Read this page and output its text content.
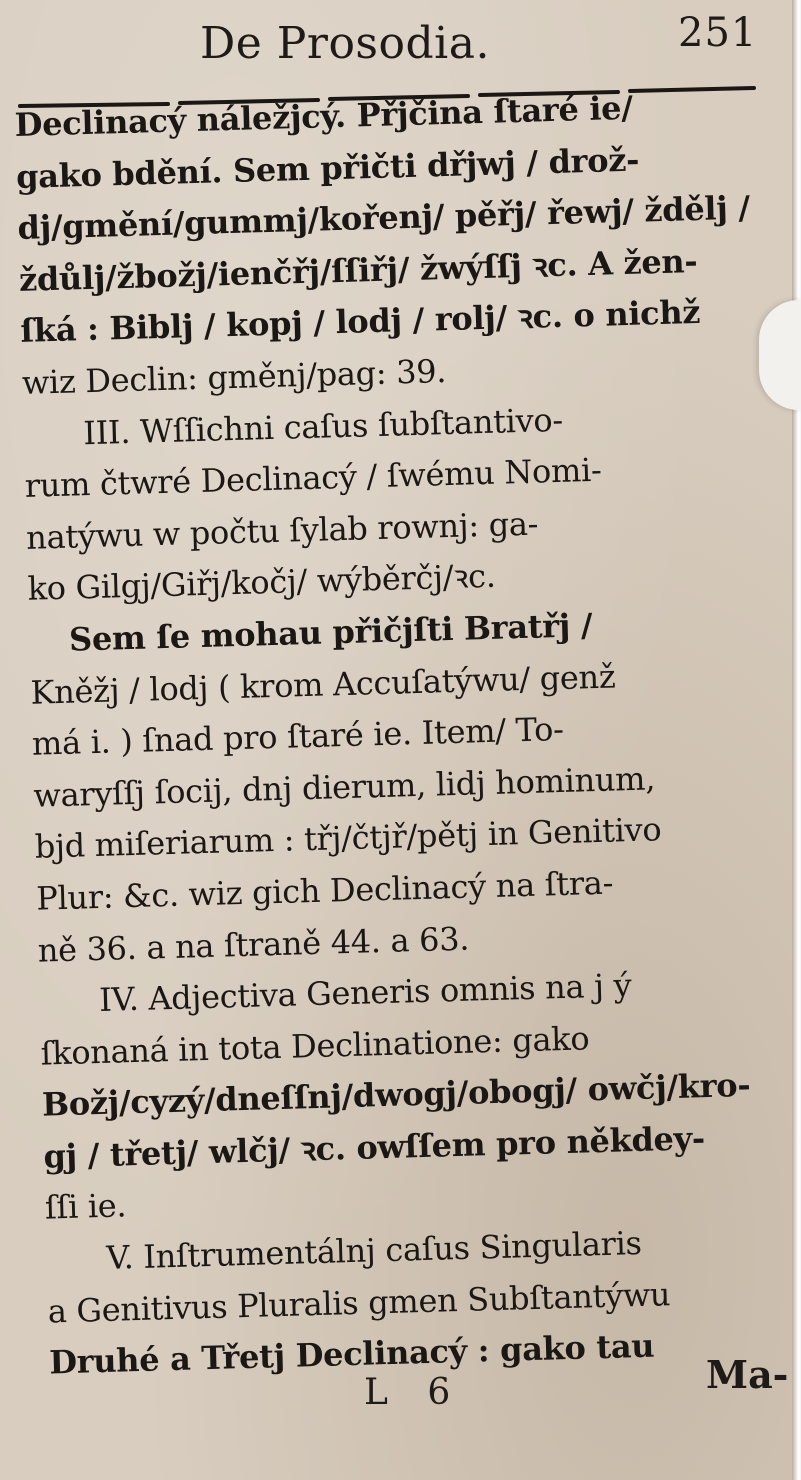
De Prosodia.	251
Declinacý náležjcý. Přjčina ſtaré ie/
gako bdění. Sem přičti dřjwj / drož-
dj/gmění/gummj/kořenj/ pěřj/ řewj/ ždělj /
ždůlj/žbožj/ienčřj/ſſiřj/ žwýſſj ꝛc. A žen-
ſká : Biblj / kopj / lodj / rolj/ ꝛc. o nichž
wiz Declin: gměnj/pag: 39.
III. Wſſichni caſus ſubſtantivo-
rum čtwré Declinacý / ſwému Nomi-
natýwu w počtu ſylab rownj: ga-
ko Gilgj/Giřj/kočj/ wýběrčj/ꝛc.
Sem ſe mohau přičjſti Bratřj /
Kněžj / lodj ( krom Accuſatýwu/ genž
má i. ) ſnad pro ſtaré ie. Item/ To-
waryſſj ſocij, dnj dierum, lidj hominum,
bjd miſeriarum : třj/čtjř/pětj in Genitivo
Plur: &c. wiz gich Declinacý na ſtra-
ně 36. a na ſtraně 44. a 63.
IV. Adjectiva Generis omnis na j ý
ſkonaná in tota Declinatione: gako
Božj/cyzý/dneſſnj/dwogj/obogj/ owčj/kro-
gj / třetj/ wlčj/ ꝛc. owſſem pro někdey-
ſſi ie.
V. Inſtrumentálnj caſus Singularis
a Genitivus Pluralis gmen Subſtantýwu
Druhé a Třetj Declinacý : gako tau
L 6	Ma-
